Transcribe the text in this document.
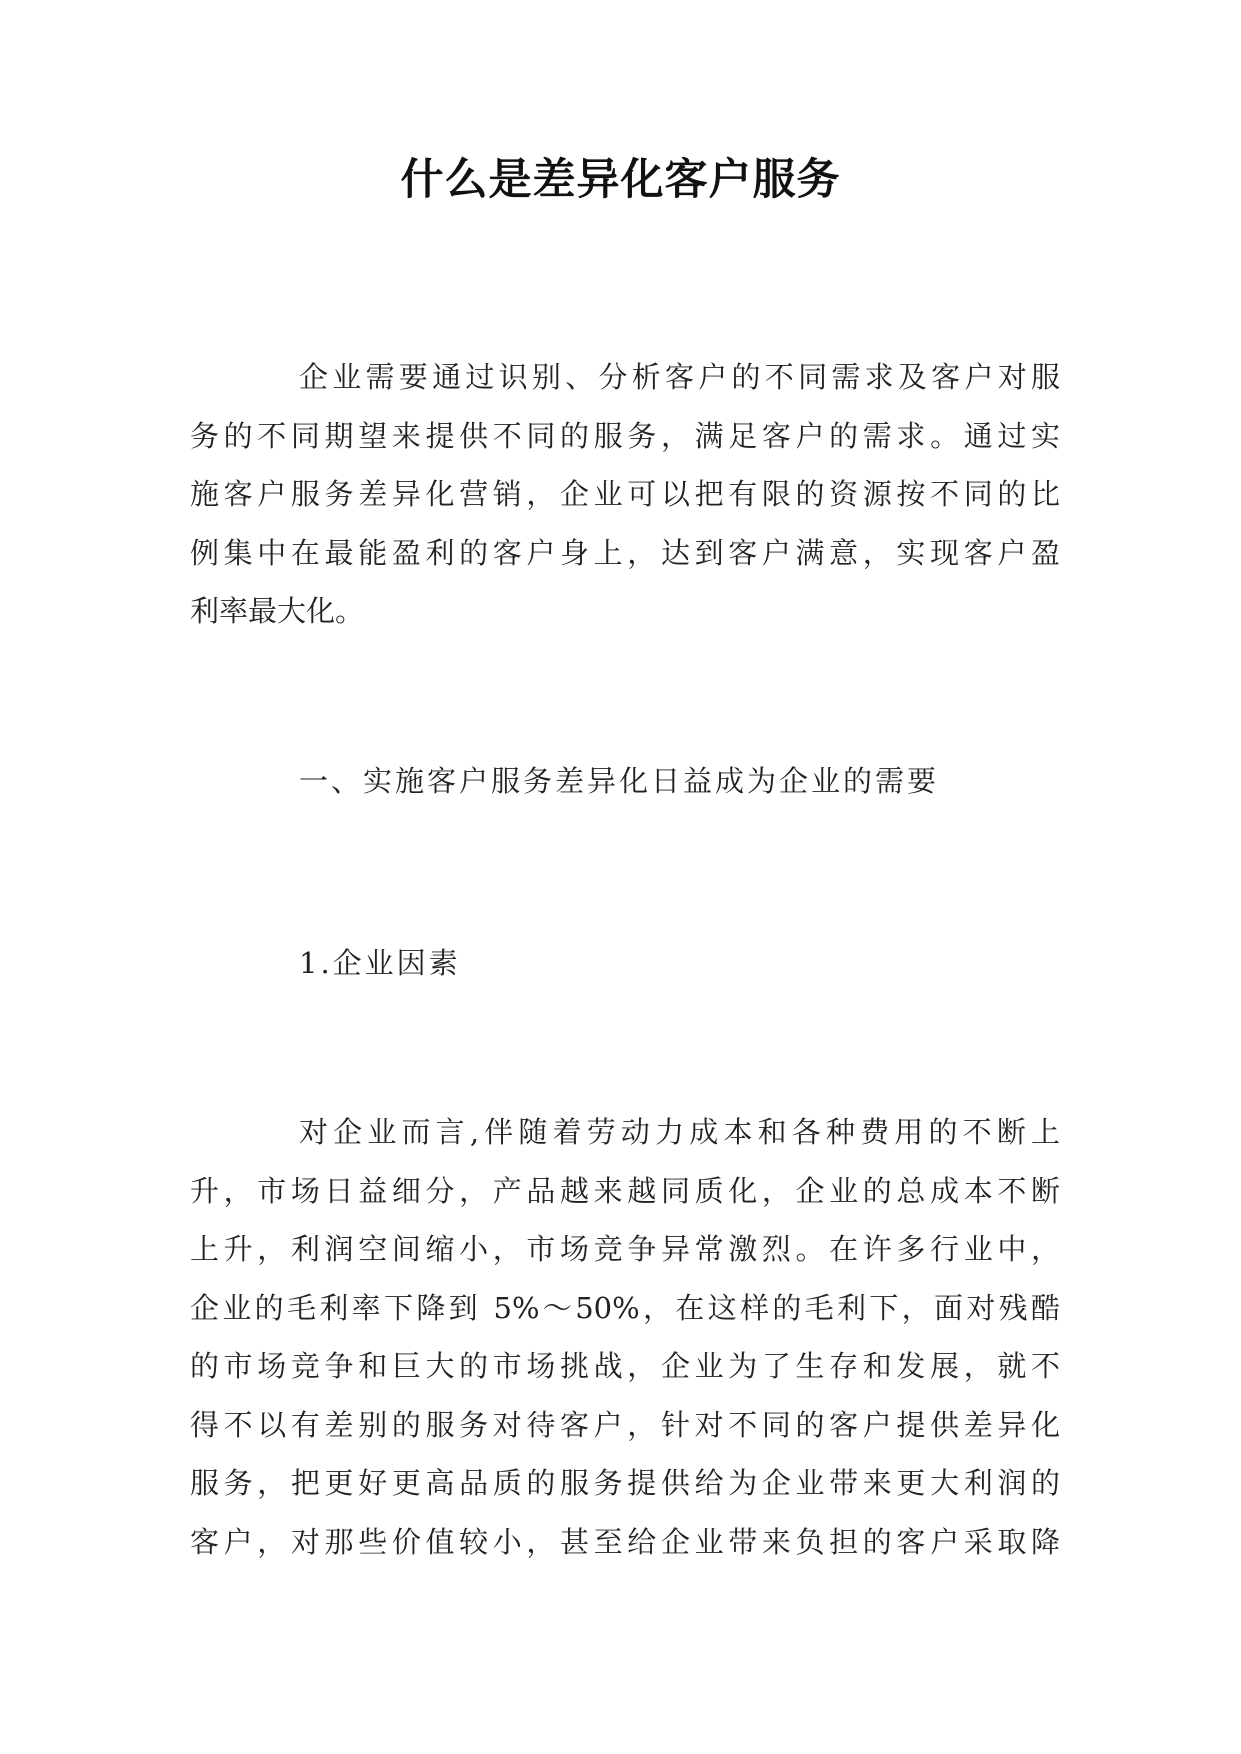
什么是差异化客户服务
企业需要通过识别、分析客户的不同需求及客户对服
务的不同期望来提供不同的服务，满足客户的需求。通过实
施客户服务差异化营销，企业可以把有限的资源按不同的比
例集中在最能盈利的客户身上，达到客户满意，实现客户盈
利率最大化。
一、实施客户服务差异化日益成为企业的需要
1.企业因素
对企业而言,伴随着劳动力成本和各种费用的不断上
升，市场日益细分，产品越来越同质化，企业的总成本不断
上升，利润空间缩小，市场竞争异常激烈。在许多行业中，
企业的毛利率下降到 5%～50%，在这样的毛利下，面对残酷
的市场竞争和巨大的市场挑战，企业为了生存和发展，就不
得不以有差别的服务对待客户，针对不同的客户提供差异化
服务，把更好更高品质的服务提供给为企业带来更大利润的
客户，对那些价值较小，甚至给企业带来负担的客户采取降
